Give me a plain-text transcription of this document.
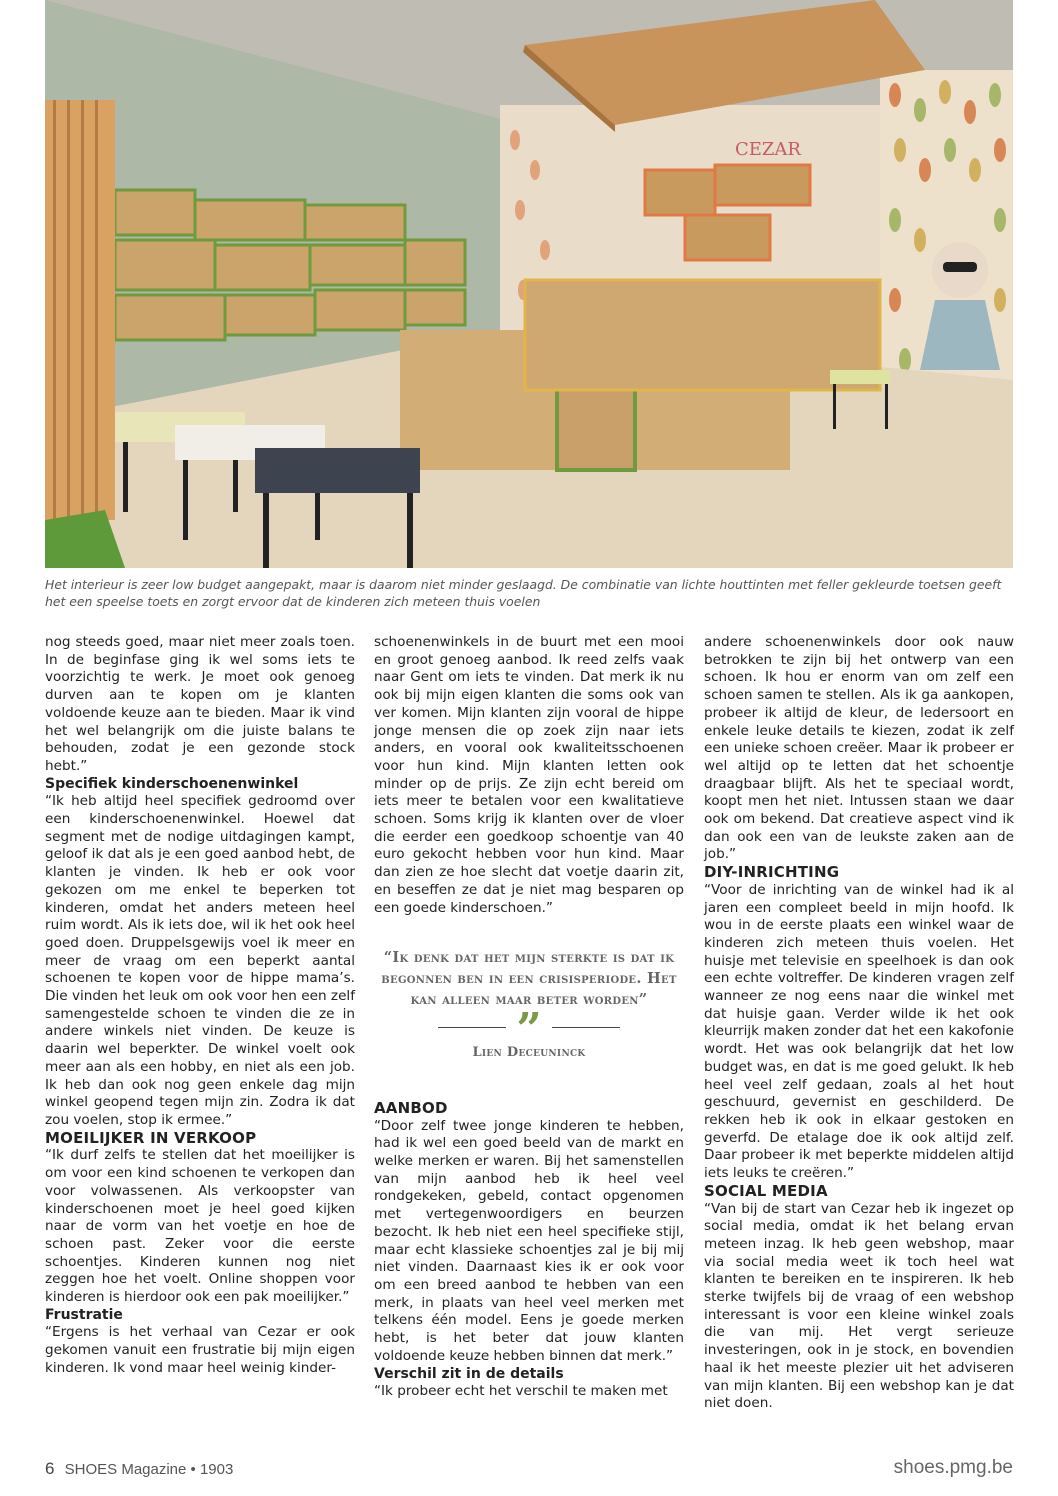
CEZAR
Het interieur is zeer low budget aangepakt, maar is daarom niet minder geslaagd. De combinatie van lichte houttinten met feller gekleurde toetsen geeft het een speelse toets en zorgt ervoor dat de kinderen zich meteen thuis voelen

nog steeds goed, maar niet meer zoals toen. In de beginfase ging ik wel soms iets te voorzichtig te werk. Je moet ook genoeg durven aan te kopen om je klanten voldoende keuze aan te bieden. Maar ik vind het wel belangrijk om die juiste balans te behouden, zodat je een gezonde stock hebt.”

Specifiek kinderschoenenwinkel

“Ik heb altijd heel specifiek gedroomd over een kinderschoenenwinkel. Hoewel dat segment met de nodige uitdagingen kampt, geloof ik dat als je een goed aanbod hebt, de klanten je vinden. Ik heb er ook voor gekozen om me enkel te beperken tot kinderen, omdat het anders meteen heel ruim wordt. Als ik iets doe, wil ik het ook heel goed doen. Druppelsgewijs voel ik meer en meer de vraag om een beperkt aantal schoenen te kopen voor de hippe mama’s. Die vinden het leuk om ook voor hen een zelf samengestelde schoen te vinden die ze in andere winkels niet vinden. De keuze is daarin wel beperkter. De winkel voelt ook meer aan als een hobby, en niet als een job. Ik heb dan ook nog geen enkele dag mijn winkel geopend tegen mijn zin. Zodra ik dat zou voelen, stop ik ermee.”

MOEILIJKER IN VERKOOP

“Ik durf zelfs te stellen dat het moeilijker is om voor een kind schoenen te verkopen dan voor volwassenen. Als verkoopster van kinderschoenen moet je heel goed kijken naar de vorm van het voetje en hoe de schoen past. Zeker voor die eerste schoentjes. Kinderen kunnen nog niet zeggen hoe het voelt. Online shoppen voor kinderen is hierdoor ook een pak moeilijker.”

Frustratie

“Ergens is het verhaal van Cezar er ook gekomen vanuit een frustratie bij mijn eigen kinderen. Ik vond maar heel weinig kinder-

schoenenwinkels in de buurt met een mooi en groot genoeg aanbod. Ik reed zelfs vaak naar Gent om iets te vinden. Dat merk ik nu ook bij mijn eigen klanten die soms ook van ver komen. Mijn klanten zijn vooral de hippe jonge mensen die op zoek zijn naar iets anders, en vooral ook kwaliteitsschoenen voor hun kind. Mijn klanten letten ook minder op de prijs. Ze zijn echt bereid om iets meer te betalen voor een kwalitatieve schoen. Soms krijg ik klanten over de vloer die eerder een goedkoop schoentje van 40 euro gekocht hebben voor hun kind. Maar dan zien ze hoe slecht dat voetje daarin zit, en beseffen ze dat je niet mag besparen op een goede kinderschoen.”

“Ik denk dat het mijn sterkte is dat ik begonnen ben in een crisisperiode. Het kan alleen maar beter worden”
”
Lien Deceuninck

AANBOD

“Door zelf twee jonge kinderen te hebben, had ik wel een goed beeld van de markt en welke merken er waren. Bij het samenstellen van mijn aanbod heb ik heel veel rondgekeken, gebeld, contact opgenomen met vertegenwoordigers en beurzen bezocht. Ik heb niet een heel specifieke stijl, maar echt klassieke schoentjes zal je bij mij niet vinden. Daarnaast kies ik er ook voor om een breed aanbod te hebben van een merk, in plaats van heel veel merken met telkens één model. Eens je goede merken hebt, is het beter dat jouw klanten voldoende keuze hebben binnen dat merk.”

Verschil zit in de details

“Ik probeer echt het verschil te maken met

andere schoenenwinkels door ook nauw betrokken te zijn bij het ontwerp van een schoen. Ik hou er enorm van om zelf een schoen samen te stellen. Als ik ga aankopen, probeer ik altijd de kleur, de ledersoort en enkele leuke details te kiezen, zodat ik zelf een unieke schoen creëer. Maar ik probeer er wel altijd op te letten dat het schoentje draagbaar blijft. Als het te speciaal wordt, koopt men het niet. Intussen staan we daar ook om bekend. Dat creatieve aspect vind ik dan ook een van de leukste zaken aan de job.”

DIY-INRICHTING

“Voor de inrichting van de winkel had ik al jaren een compleet beeld in mijn hoofd. Ik wou in de eerste plaats een winkel waar de kinderen zich meteen thuis voelen. Het huisje met televisie en speelhoek is dan ook een echte voltreffer. De kinderen vragen zelf wanneer ze nog eens naar die winkel met dat huisje gaan. Verder wilde ik het ook kleurrijk maken zonder dat het een kakofonie wordt. Het was ook belangrijk dat het low budget was, en dat is me goed gelukt. Ik heb heel veel zelf gedaan, zoals al het hout geschuurd, gevernist en geschilderd. De rekken heb ik ook in elkaar gestoken en geverfd. De etalage doe ik ook altijd zelf. Daar probeer ik met beperkte middelen altijd iets leuks te creëren.”

SOCIAL MEDIA

“Van bij de start van Cezar heb ik ingezet op social media, omdat ik het belang ervan meteen inzag. Ik heb geen webshop, maar via social media weet ik toch heel wat klanten te bereiken en te inspireren. Ik heb sterke twijfels bij de vraag of een webshop interessant is voor een kleine winkel zoals die van mij. Het vergt serieuze investeringen, ook in je stock, en bovendien haal ik het meeste plezier uit het adviseren van mijn klanten. Bij een webshop kan je dat niet doen.

6 SHOES Magazine • 1903	shoes.pmg.be
